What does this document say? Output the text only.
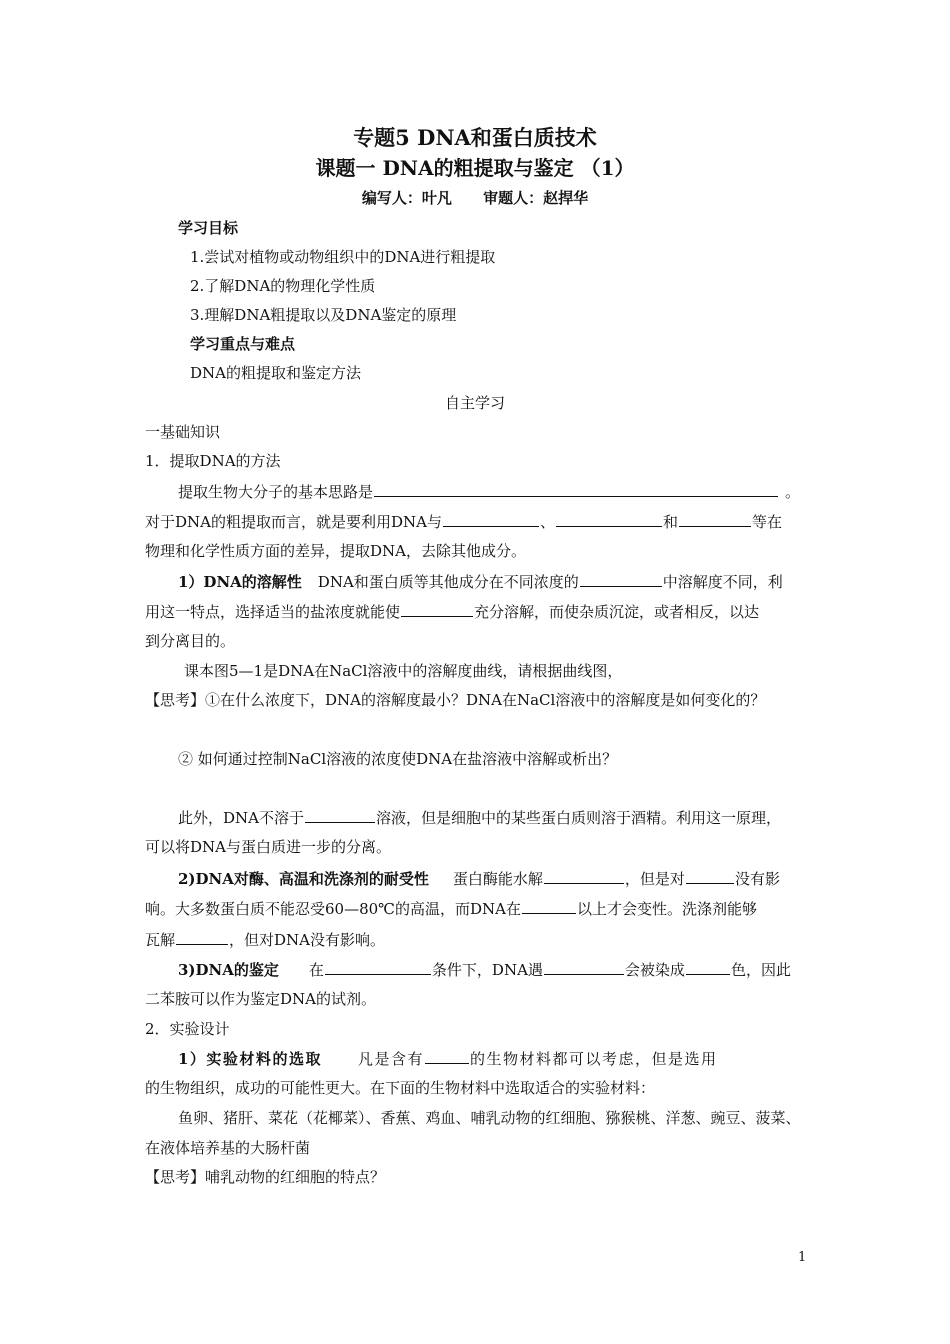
专题5 DNA和蛋白质技术
课题一 DNA的粗提取与鉴定 （1）
编写人：叶凡      审题人：赵捍华
学习目标
1.尝试对植物或动物组织中的DNA进行粗提取
2.了解DNA的物理化学性质
3.理解DNA粗提取以及DNA鉴定的原理
学习重点与难点
DNA的粗提取和鉴定方法
自主学习
一基础知识
1．提取DNA的方法
提取生物大分子的基本思路是	。
对于DNA的粗提取而言，就是要利用DNA与	、	和	等在
物理和化学性质方面的差异，提取DNA，去除其他成分。
1）DNA的溶解性 DNA和蛋白质等其他成分在不同浓度的	中溶解度不同，利
用这一特点，选择适当的盐浓度就能使	充分溶解，而使杂质沉淀，或者相反，以达
到分离目的。
课本图5—1是DNA在NaCl溶液中的溶解度曲线，请根据曲线图，
【思考】①在什么浓度下，DNA的溶解度最小？DNA在NaCl溶液中的溶解度是如何变化的？
② 如何通过控制NaCl溶液的浓度使DNA在盐溶液中溶解或析出？
此外，DNA不溶于	溶液，但是细胞中的某些蛋白质则溶于酒精。利用这一原理，
可以将DNA与蛋白质进一步的分离。
2)DNA对酶、高温和洗涤剂的耐受性 蛋白酶能水解	，但是对	没有影
响。大多数蛋白质不能忍受60—80℃的高温，而DNA在	以上才会变性。洗涤剂能够
瓦解	，但对DNA没有影响。
3)DNA的鉴定 在	条件下，DNA遇	会被染成	色，因此
二苯胺可以作为鉴定DNA的试剂。
2．实验设计
1）实验材料的选取 凡是含有	的生物材料都可以考虑，但是选用
的生物组织，成功的可能性更大。在下面的生物材料中选取适合的实验材料：
鱼卵、猪肝、菜花（花椰菜）、香蕉、鸡血、哺乳动物的红细胞、猕猴桃、洋葱、豌豆、菠菜、
在液体培养基的大肠杆菌
【思考】哺乳动物的红细胞的特点？
1
